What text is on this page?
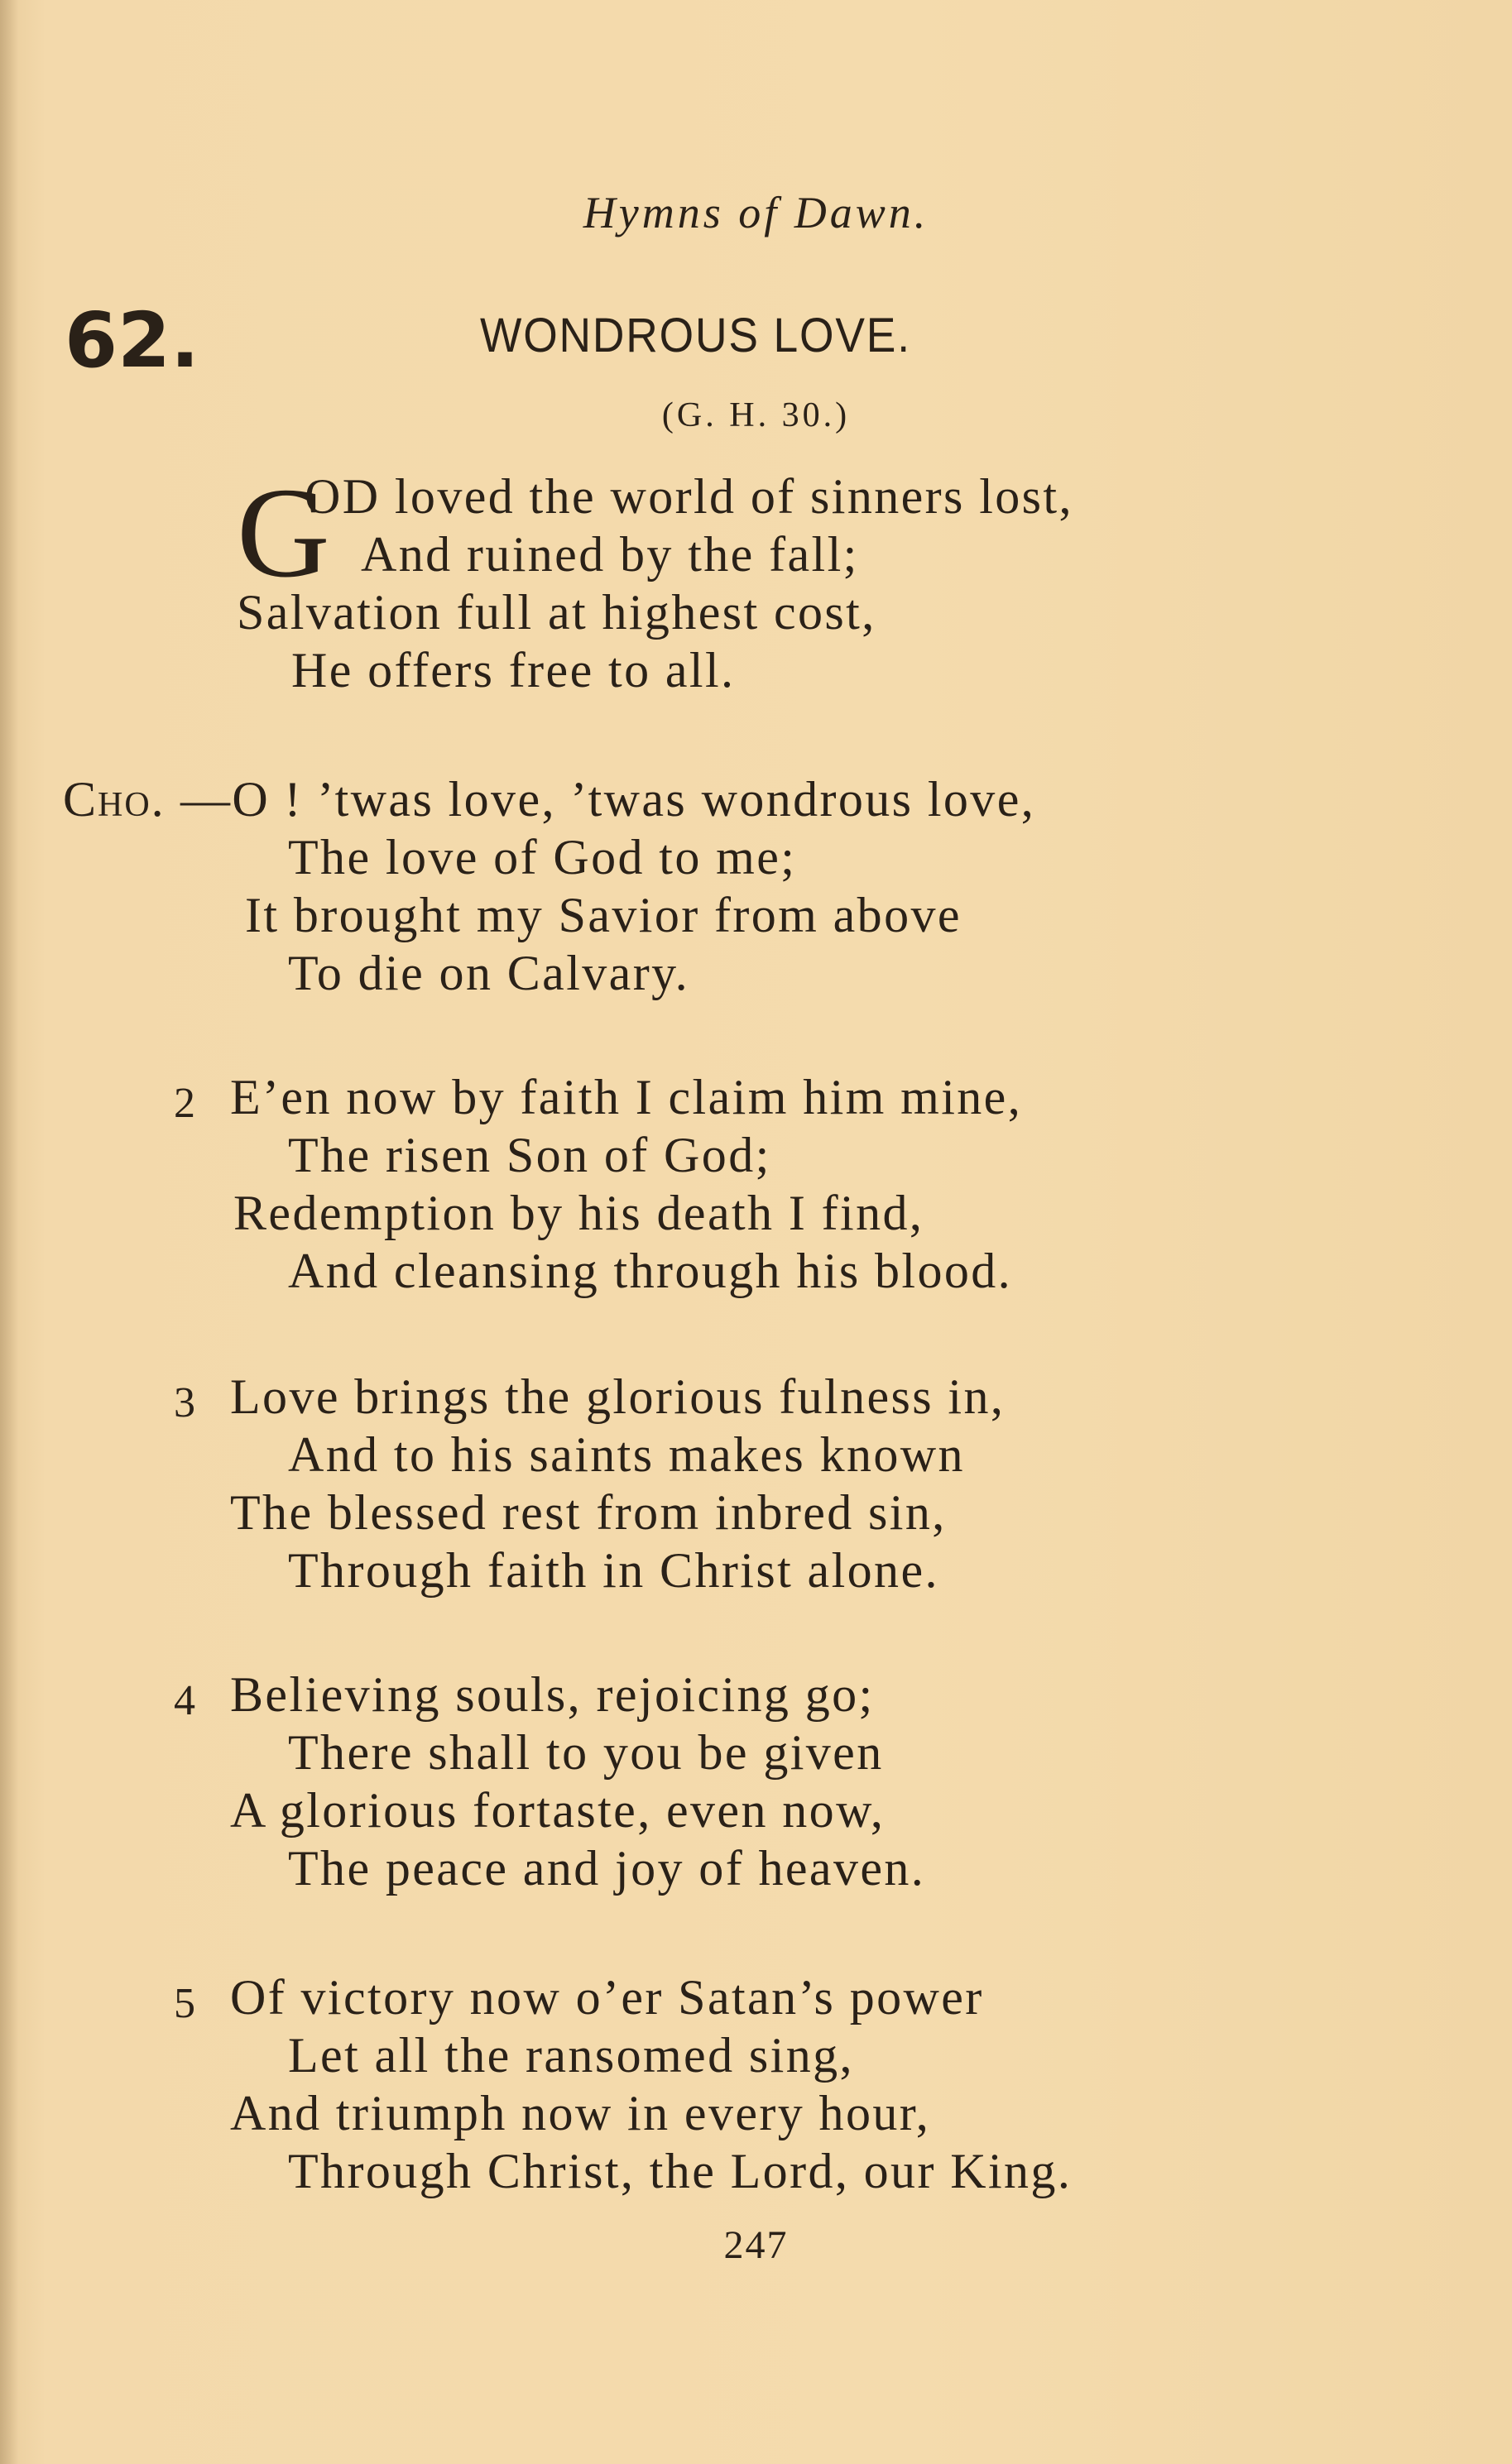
Hymns of Dawn.
62.	WONDROUS LOVE.
(G. H. 30.)
G
OD loved the world of sinners lost,
And ruined by the fall;
Salvation full at highest cost,
He offers free to all.
Cho. —O ! ’twas love, ’twas wondrous love,
The love of God to me;
It brought my Savior from above
To die on Calvary.
2 E’en now by faith I claim him mine,
The risen Son of God;
Redemption by his death I find,
And cleansing through his blood.
3 Love brings the glorious fulness in,
And to his saints makes known
The blessed rest from inbred sin,
Through faith in Christ alone.
4 Believing souls, rejoicing go;
There shall to you be given
A glorious fortaste, even now,
The peace and joy of heaven.
5 Of victory now o’er Satan’s power
Let all the ransomed sing,
And triumph now in every hour,
Through Christ, the Lord, our King.
247
